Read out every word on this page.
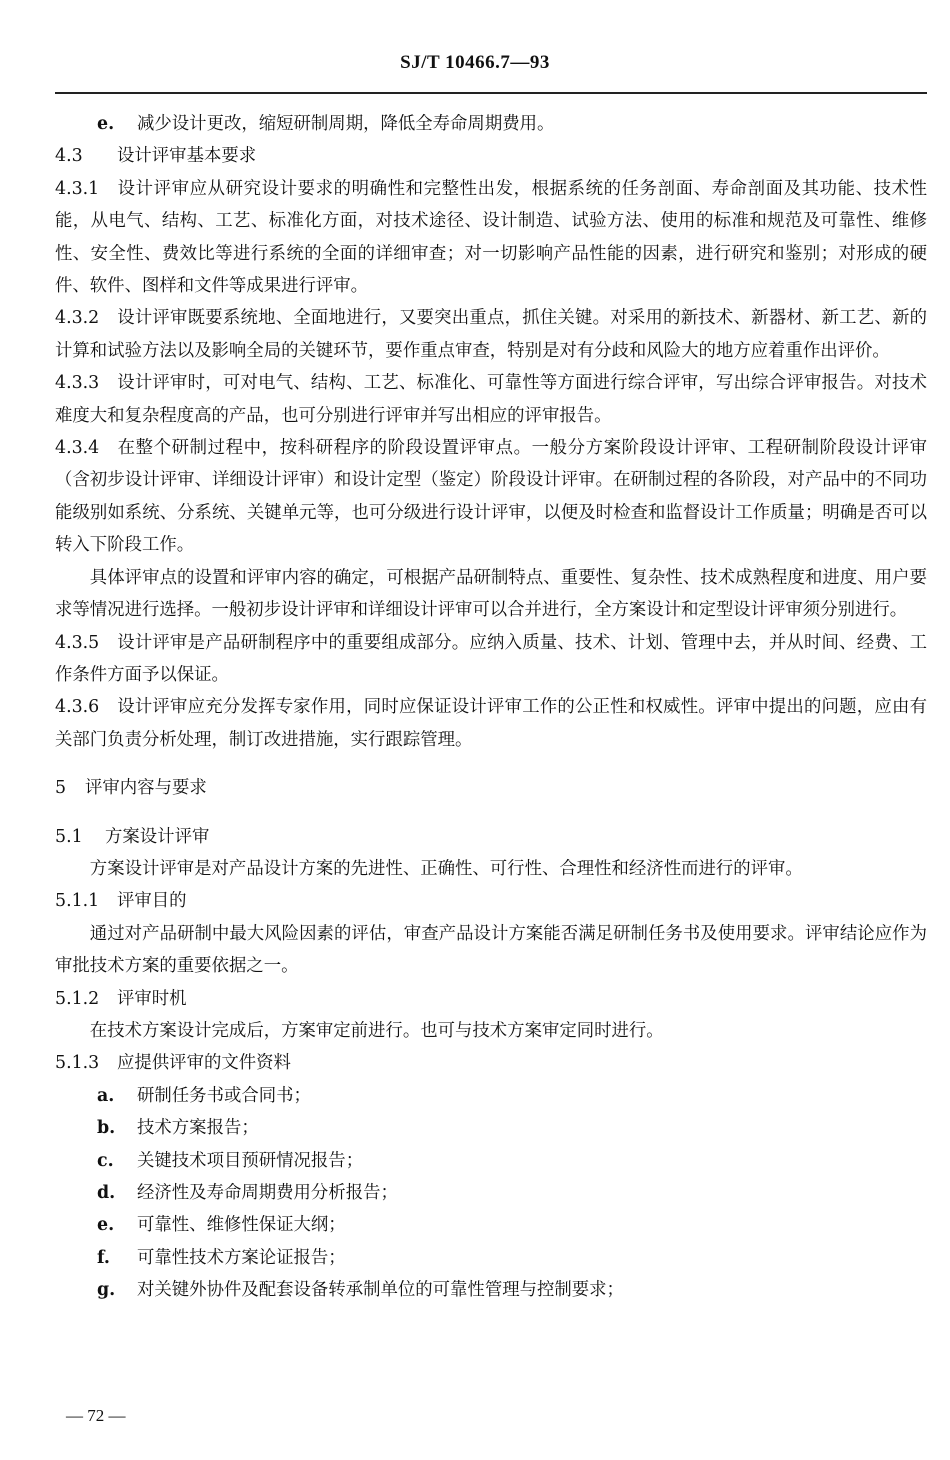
SJ/T 10466.7—93

e. 减少设计更改，缩短研制周期，降低全寿命周期费用。

4.3 设计评审基本要求

4.3.1 设计评审应从研究设计要求的明确性和完整性出发，根据系统的任务剖面、寿命剖面及其功能、技术性能，从电气、结构、工艺、标准化方面，对技术途径、设计制造、试验方法、使用的标准和规范及可靠性、维修性、安全性、费效比等进行系统的全面的详细审查；对一切影响产品性能的因素，进行研究和鉴别；对形成的硬件、软件、图样和文件等成果进行评审。

4.3.2 设计评审既要系统地、全面地进行，又要突出重点，抓住关键。对采用的新技术、新器材、新工艺、新的计算和试验方法以及影响全局的关键环节，要作重点审查，特别是对有分歧和风险大的地方应着重作出评价。

4.3.3 设计评审时，可对电气、结构、工艺、标准化、可靠性等方面进行综合评审，写出综合评审报告。对技术难度大和复杂程度高的产品，也可分别进行评审并写出相应的评审报告。

4.3.4 在整个研制过程中，按科研程序的阶段设置评审点。一般分方案阶段设计评审、工程研制阶段设计评审（含初步设计评审、详细设计评审）和设计定型（鉴定）阶段设计评审。在研制过程的各阶段，对产品中的不同功能级别如系统、分系统、关键单元等，也可分级进行设计评审，以便及时检查和监督设计工作质量；明确是否可以转入下阶段工作。

具体评审点的设置和评审内容的确定，可根据产品研制特点、重要性、复杂性、技术成熟程度和进度、用户要求等情况进行选择。一般初步设计评审和详细设计评审可以合并进行，全方案设计和定型设计评审须分别进行。

4.3.5 设计评审是产品研制程序中的重要组成部分。应纳入质量、技术、计划、管理中去，并从时间、经费、工作条件方面予以保证。

4.3.6 设计评审应充分发挥专家作用，同时应保证设计评审工作的公正性和权威性。评审中提出的问题，应由有关部门负责分析处理，制订改进措施，实行跟踪管理。

5 评审内容与要求

5.1 方案设计评审

方案设计评审是对产品设计方案的先进性、正确性、可行性、合理性和经济性而进行的评审。

5.1.1 评审目的

通过对产品研制中最大风险因素的评估，审查产品设计方案能否满足研制任务书及使用要求。评审结论应作为审批技术方案的重要依据之一。

5.1.2 评审时机

在技术方案设计完成后，方案审定前进行。也可与技术方案审定同时进行。

5.1.3 应提供评审的文件资料

a. 研制任务书或合同书；

b. 技术方案报告；

c. 关键技术项目预研情况报告；

d. 经济性及寿命周期费用分析报告；

e. 可靠性、维修性保证大纲；

f. 可靠性技术方案论证报告；

g. 对关键外协件及配套设备转承制单位的可靠性管理与控制要求；

— 72 —
